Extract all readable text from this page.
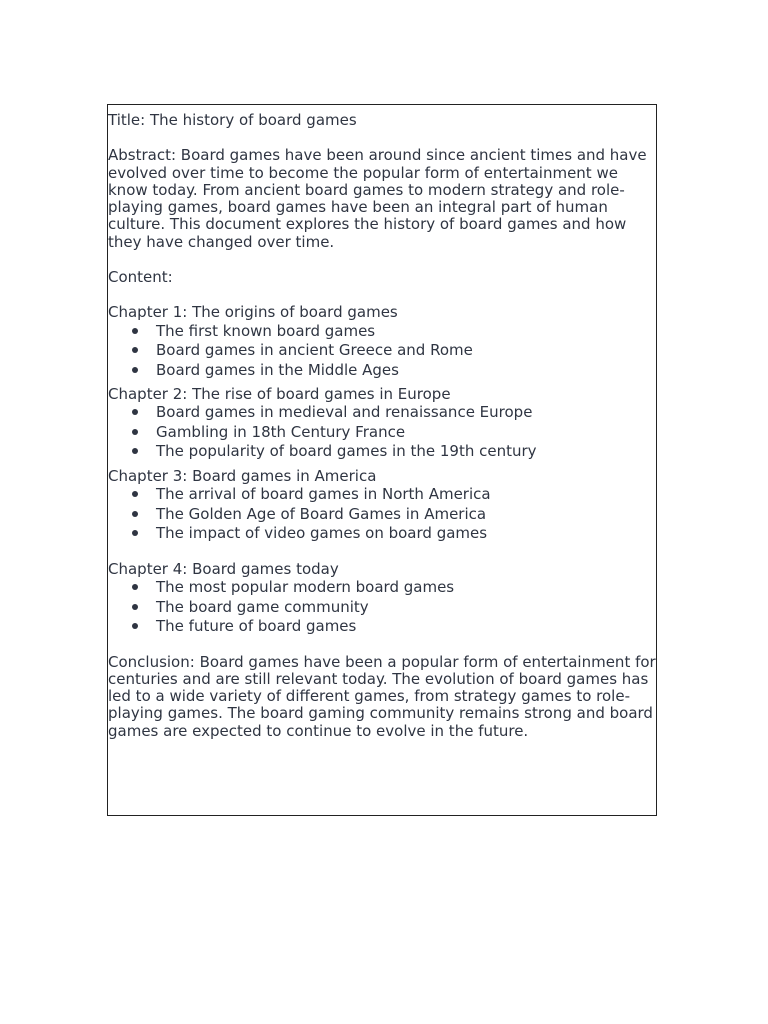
Title: The history of board games

Abstract: Board games have been around since ancient times and have evolved over time to become the popular form of entertainment we know today. From ancient board games to modern strategy and role-playing games, board games have been an integral part of human culture. This document explores the history of board games and how they have changed over time.

Content:

Chapter 1: The origins of board games

The first known board games
Board games in ancient Greece and Rome
Board games in the Middle Ages

Chapter 2: The rise of board games in Europe

Board games in medieval and renaissance Europe
Gambling in 18th Century France
The popularity of board games in the 19th century

Chapter 3: Board games in America

The arrival of board games in North America
The Golden Age of Board Games in America
The impact of video games on board games

Chapter 4: Board games today

The most popular modern board games
The board game community
The future of board games

Conclusion: Board games have been a popular form of entertainment for centuries and are still relevant today. The evolution of board games has led to a wide variety of different games, from strategy games to role-playing games. The board gaming community remains strong and board games are expected to continue to evolve in the future.
